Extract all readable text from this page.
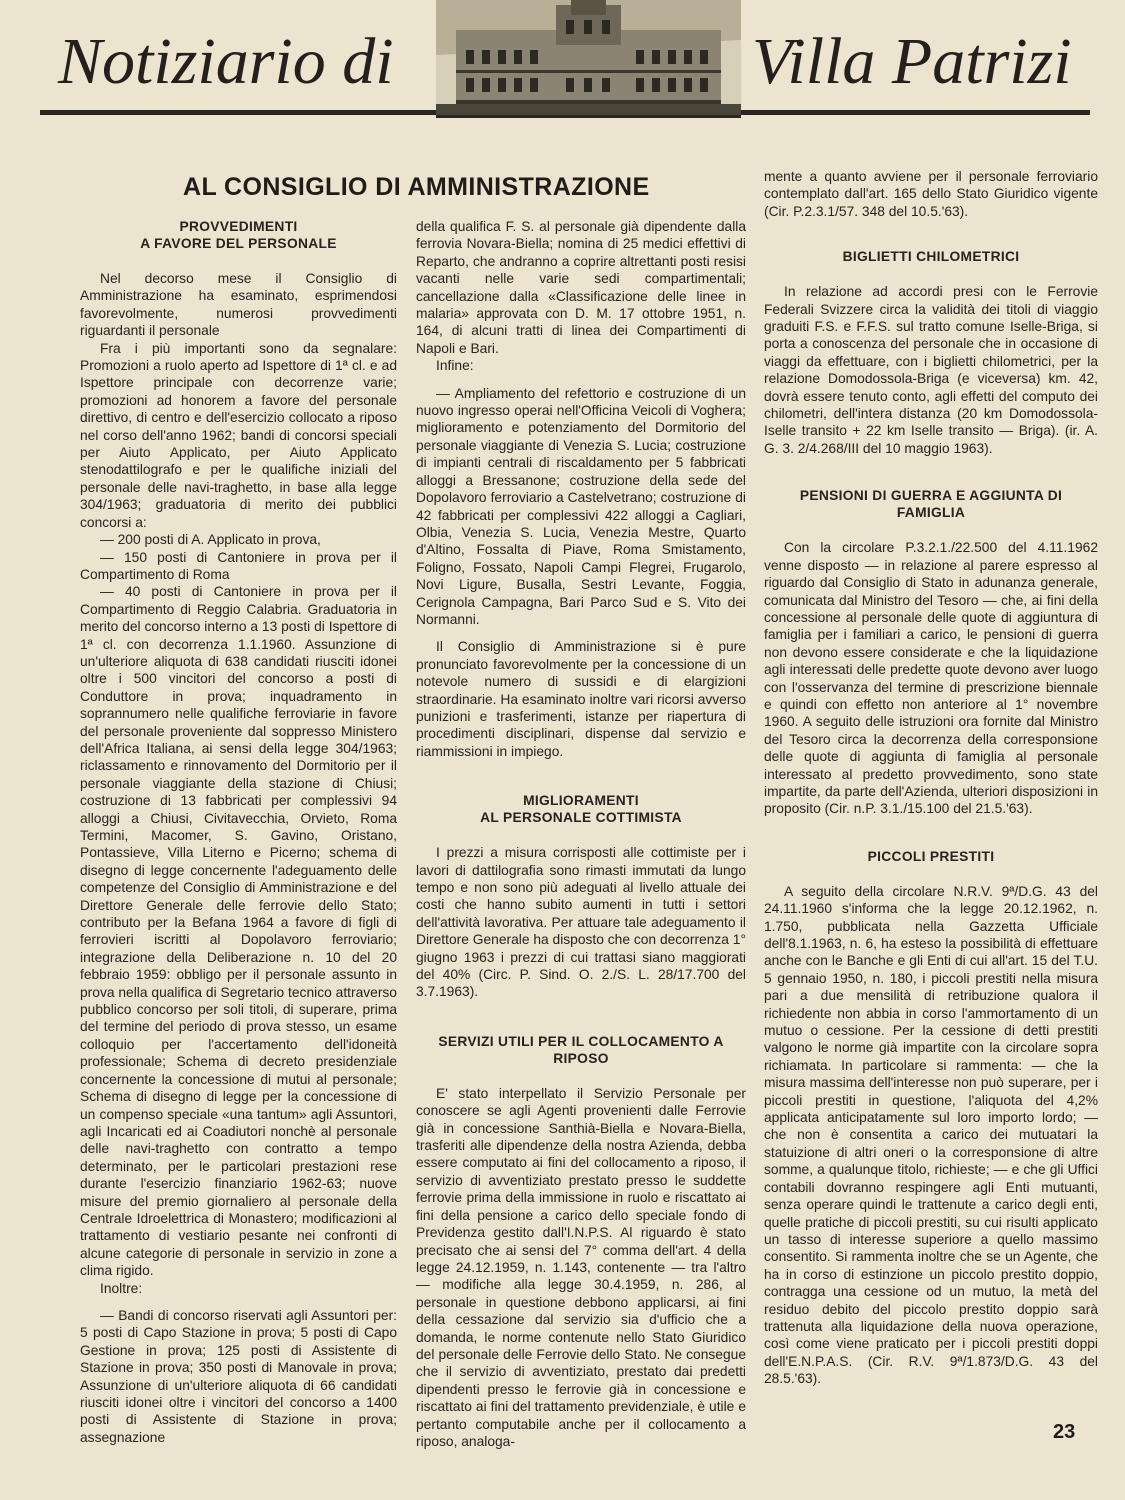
Notiziario di	Villa Patrizi
AL CONSIGLIO DI AMMINISTRAZIONE
PROVVEDIMENTI
A FAVORE DEL PERSONALE

Nel decorso mese il Consiglio di Amministrazione ha esaminato, esprimendosi favorevolmente, numerosi provvedimenti riguardanti il personale

Fra i più importanti sono da segnalare: Promozioni a ruolo aperto ad Ispettore di 1ª cl. e ad Ispettore principale con decorrenze varie; promozioni ad honorem a favore del personale direttivo, di centro e dell'esercizio collocato a riposo nel corso dell'anno 1962; bandi di concorsi speciali per Aiuto Applicato, per Aiuto Applicato stenodattilografo e per le qualifiche iniziali del personale delle navi-traghetto, in base alla legge 304/1963; graduatoria di merito dei pubblici concorsi a:

— 200 posti di A. Applicato in prova,

— 150 posti di Cantoniere in prova per il Compartimento di Roma

— 40 posti di Cantoniere in prova per il Compartimento di Reggio Calabria. Graduatoria in merito del concorso interno a 13 posti di Ispettore di 1ª cl. con decorrenza 1.1.1960. Assunzione di un'ulteriore aliquota di 638 candidati riusciti idonei oltre i 500 vincitori del concorso a posti di Conduttore in prova; inquadramento in soprannumero nelle qualifiche ferroviarie in favore del personale proveniente dal soppresso Ministero dell'Africa Italiana, ai sensi della legge 304/1963; riclassamento e rinnovamento del Dormitorio per il personale viaggiante della stazione di Chiusi; costruzione di 13 fabbricati per complessivi 94 alloggi a Chiusi, Civitavecchia, Orvieto, Roma Termini, Macomer, S. Gavino, Oristano, Pontassieve, Villa Literno e Picerno; schema di disegno di legge concernente l'adeguamento delle competenze del Consiglio di Amministrazione e del Direttore Generale delle ferrovie dello Stato; contributo per la Befana 1964 a favore di figli di ferrovieri iscritti al Dopolavoro ferroviario; integrazione della Deliberazione n. 10 del 20 febbraio 1959: obbligo per il personale assunto in prova nella qualifica di Segretario tecnico attraverso pubblico concorso per soli titoli, di superare, prima del termine del periodo di prova stesso, un esame colloquio per l'accertamento dell'idoneità professionale; Schema di decreto presidenziale concernente la concessione di mutui al personale; Schema di disegno di legge per la concessione di un compenso speciale «una tantum» agli Assuntori, agli Incaricati ed ai Coadiutori nonchè al personale delle navi-traghetto con contratto a tempo determinato, per le particolari prestazioni rese durante l'esercizio finanziario 1962-63; nuove misure del premio giornaliero al personale della Centrale Idroelettrica di Monastero; modificazioni al trattamento di vestiario pesante nei confronti di alcune categorie di personale in servizio in zone a clima rigido.

Inoltre:

— Bandi di concorso riservati agli Assuntori per: 5 posti di Capo Stazione in prova; 5 posti di Capo Gestione in prova; 125 posti di Assistente di Stazione in prova; 350 posti di Manovale in prova; Assunzione di un'ulteriore aliquota di 66 candidati riusciti idonei oltre i vincitori del concorso a 1400 posti di Assistente di Stazione in prova; assegnazione

della qualifica F. S. al personale già dipendente dalla ferrovia Novara-Biella; nomina di 25 medici effettivi di Reparto, che andranno a coprire altrettanti posti resisi vacanti nelle varie sedi compartimentali; cancellazione dalla «Classificazione delle linee in malaria» approvata con D. M. 17 ottobre 1951, n. 164, di alcuni tratti di linea dei Compartimenti di Napoli e Bari.

Infine:

— Ampliamento del refettorio e costruzione di un nuovo ingresso operai nell'Officina Veicoli di Voghera; miglioramento e potenziamento del Dormitorio del personale viaggiante di Venezia S. Lucia; costruzione di impianti centrali di riscaldamento per 5 fabbricati alloggi a Bressanone; costruzione della sede del Dopolavoro ferroviario a Castelvetrano; costruzione di 42 fabbricati per complessivi 422 alloggi a Cagliari, Olbia, Venezia S. Lucia, Venezia Mestre, Quarto d'Altino, Fossalta di Piave, Roma Smistamento, Foligno, Fossato, Napoli Campi Flegrei, Frugarolo, Novi Ligure, Busalla, Sestri Levante, Foggia, Cerignola Campagna, Bari Parco Sud e S. Vito dei Normanni.

Il Consiglio di Amministrazione si è pure pronunciato favorevolmente per la concessione di un notevole numero di sussidi e di elargizioni straordinarie. Ha esaminato inoltre vari ricorsi avverso punizioni e trasferimenti, istanze per riapertura di procedimenti disciplinari, dispense dal servizio e riammissioni in impiego.

MIGLIORAMENTI
AL PERSONALE COTTIMISTA

I prezzi a misura corrisposti alle cottimiste per i lavori di dattilografia sono rimasti immutati da lungo tempo e non sono più adeguati al livello attuale dei costi che hanno subito aumenti in tutti i settori dell'attività lavorativa. Per attuare tale adeguamento il Direttore Generale ha disposto che con decorrenza 1° giugno 1963 i prezzi di cui trattasi siano maggiorati del 40% (Circ. P. Sind. O. 2./S. L. 28/17.700 del 3.7.1963).

SERVIZI UTILI PER IL COLLOCAMENTO A
RIPOSO

E' stato interpellato il Servizio Personale per conoscere se agli Agenti provenienti dalle Ferrovie già in concessione Santhià-Biella e Novara-Biella, trasferiti alle dipendenze della nostra Azienda, debba essere computato ai fini del collocamento a riposo, il servizio di avventiziato prestato presso le suddette ferrovie prima della immissione in ruolo e riscattato ai fini della pensione a carico dello speciale fondo di Previdenza gestito dall'I.N.P.S. Al riguardo è stato precisato che ai sensi del 7° comma dell'art. 4 della legge 24.12.1959, n. 1.143, contenente — tra l'altro — modifiche alla legge 30.4.1959, n. 286, al personale in questione debbono applicarsi, ai fini della cessazione dal servizio sia d'ufficio che a domanda, le norme contenute nello Stato Giuridico del personale delle Ferrovie dello Stato. Ne consegue che il servizio di avventiziato, prestato dai predetti dipendenti presso le ferrovie già in concessione e riscattato ai fini del trattamento previdenziale, è utile e pertanto computabile anche per il collocamento a riposo, analoga-

mente a quanto avviene per il personale ferroviario contemplato dall'art. 165 dello Stato Giuridico vigente (Cir. P.2.3.1/57. 348 del 10.5.'63).

BIGLIETTI CHILOMETRICI

In relazione ad accordi presi con le Ferrovie Federali Svizzere circa la validità dei titoli di viaggio graduiti F.S. e F.F.S. sul tratto comune Iselle-Briga, si porta a conoscenza del personale che in occasione di viaggi da effettuare, con i biglietti chilometrici, per la relazione Domodossola-Briga (e viceversa) km. 42, dovrà essere tenuto conto, agli effetti del computo dei chilometri, dell'intera distanza (20 km Domodossola-Iselle transito + 22 km Iselle transito — Briga). (ir. A. G. 3. 2/4.268/III del 10 maggio 1963).

PENSIONI DI GUERRA E AGGIUNTA DI
FAMIGLIA

Con la circolare P.3.2.1./22.500 del 4.11.1962 venne disposto — in relazione al parere espresso al riguardo dal Consiglio di Stato in adunanza generale, comunicata dal Ministro del Tesoro — che, ai fini della concessione al personale delle quote di aggiuntura di famiglia per i familiari a carico, le pensioni di guerra non devono essere considerate e che la liquidazione agli interessati delle predette quote devono aver luogo con l'osservanza del termine di prescrizione biennale e quindi con effetto non anteriore al 1° novembre 1960. A seguito delle istruzioni ora fornite dal Ministro del Tesoro circa la decorrenza della corresponsione delle quote di aggiunta di famiglia al personale interessato al predetto provvedimento, sono state impartite, da parte dell'Azienda, ulteriori disposizioni in proposito (Cir. n.P. 3.1./15.100 del 21.5.'63).

PICCOLI PRESTITI

A seguito della circolare N.R.V. 9ª/D.G. 43 del 24.11.1960 s'informa che la legge 20.12.1962, n. 1.750, pubblicata nella Gazzetta Ufficiale dell'8.1.1963, n. 6, ha esteso la possibilità di effettuare anche con le Banche e gli Enti di cui all'art. 15 del T.U. 5 gennaio 1950, n. 180, i piccoli prestiti nella misura pari a due mensilità di retribuzione qualora il richiedente non abbia in corso l'ammortamento di un mutuo o cessione. Per la cessione di detti prestiti valgono le norme già impartite con la circolare sopra richiamata. In particolare si rammenta: — che la misura massima dell'interesse non può superare, per i piccoli prestiti in questione, l'aliquota del 4,2% applicata anticipatamente sul loro importo lordo; — che non è consentita a carico dei mutuatari la statuizione di altri oneri o la corresponsione di altre somme, a qualunque titolo, richieste; — e che gli Uffici contabili dovranno respingere agli Enti mutuanti, senza operare quindi le trattenute a carico degli enti, quelle pratiche di piccoli prestiti, su cui risulti applicato un tasso di interesse superiore a quello massimo consentito. Si rammenta inoltre che se un Agente, che ha in corso di estinzione un piccolo prestito doppio, contragga una cessione od un mutuo, la metà del residuo debito del piccolo prestito doppio sarà trattenuta alla liquidazione della nuova operazione, così come viene praticato per i piccoli prestiti doppi dell'E.N.P.A.S. (Cir. R.V. 9ª/1.873/D.G. 43 del 28.5.'63).

23
